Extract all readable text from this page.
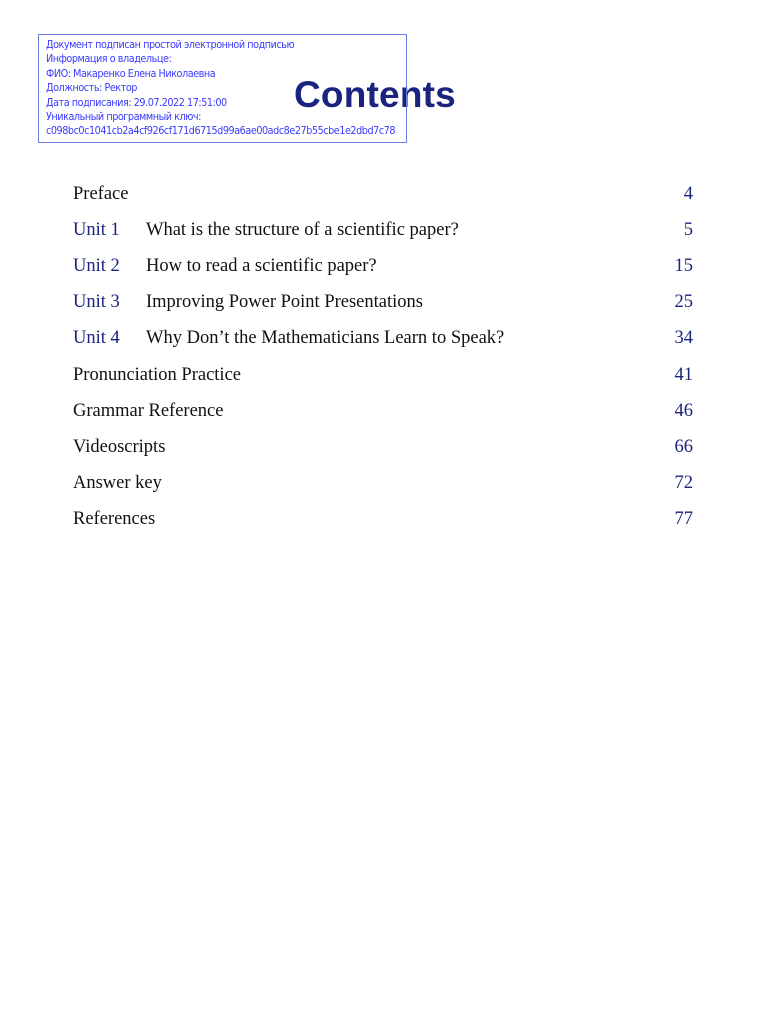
Документ подписан простой электронной подписью
Информация о владельце:
ФИО: Макаренко Елена Николаевна
Должность: Ректор
Дата подписания: 29.07.2022 17:51:00
Уникальный программный ключ:
c098bc0c1041cb2a4cf926cf171d6715d99a6ae00adc8e27b55cbe1e2dbd7c78
Contents
Preface	4
Unit 1	What is the structure of a scientific paper?	5
Unit 2	How to read a scientific paper?	15
Unit 3	Improving Power Point Presentations	25
Unit 4	Why Don’t the Mathematicians Learn to Speak?	34
Pronunciation Practice	41
Grammar Reference	46
Videoscripts	66
Answer key	72
References	77
